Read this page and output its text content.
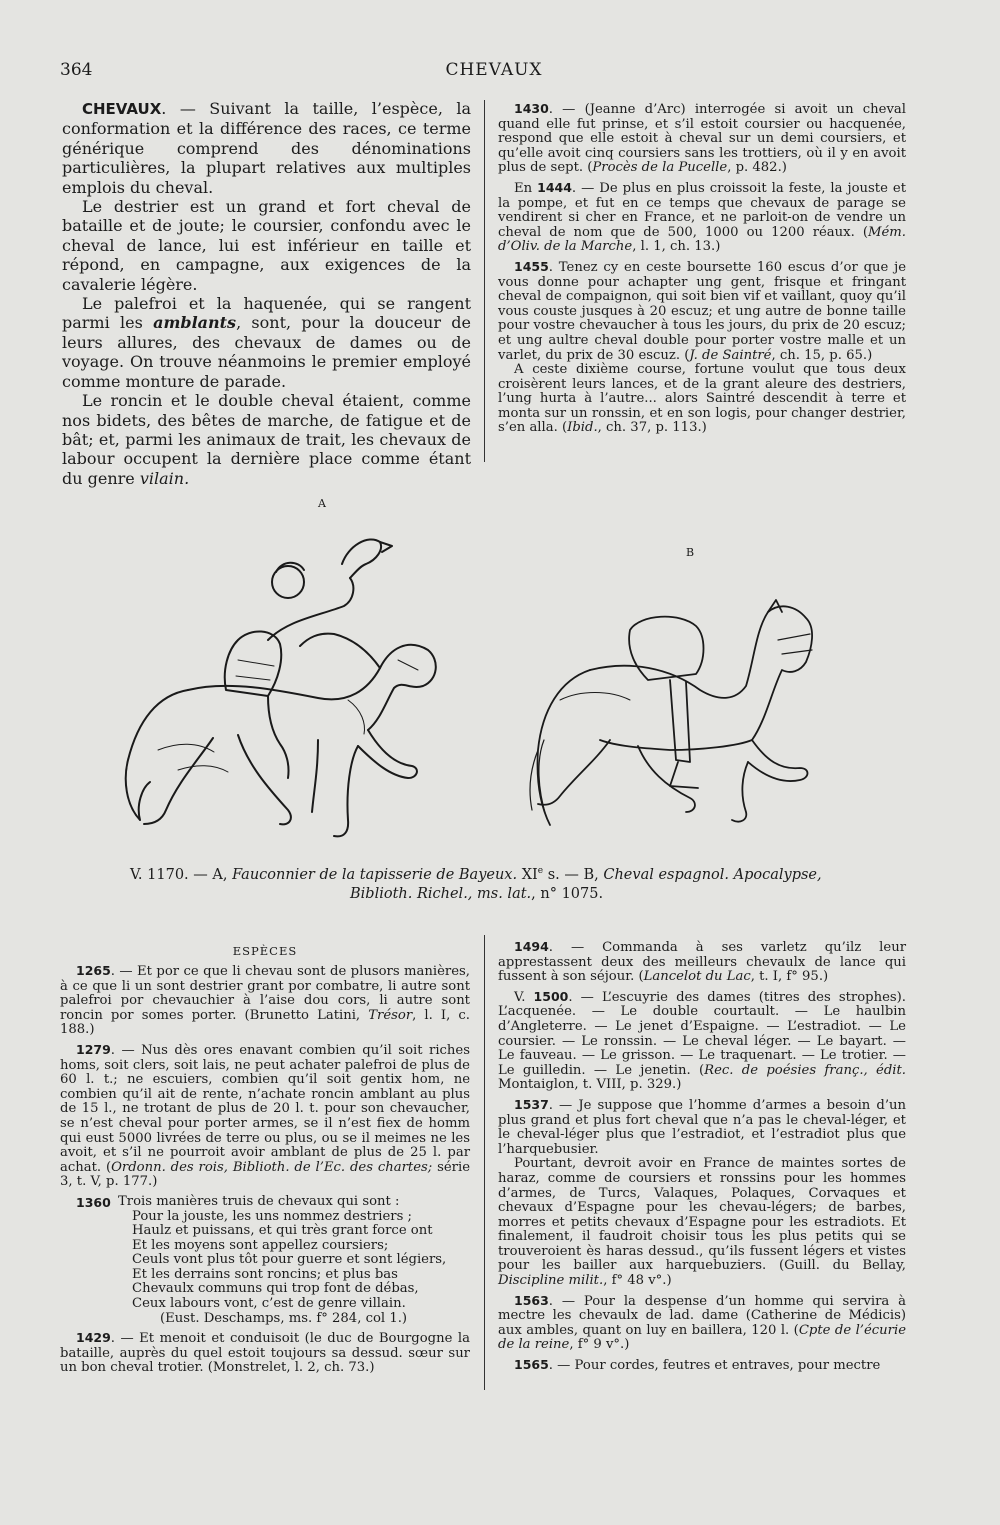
364	CHEVAUX

CHEVAUX. — Suivant la taille, l’espèce, la conformation et la différence des races, ce terme générique comprend des dénominations particulières, la plupart relatives aux multiples emplois du cheval.

Le destrier est un grand et fort cheval de bataille et de joute; le coursier, confondu avec le cheval de lance, lui est inférieur en taille et répond, en campagne, aux exigences de la cavalerie légère.

Le palefroi et la haquenée, qui se rangent parmi les amblants, sont, pour la douceur de leurs allures, des chevaux de dames ou de voyage. On trouve néanmoins le premier employé comme monture de parade.

Le roncin et le double cheval étaient, comme nos bidets, des bêtes de marche, de fatigue et de bât; et, parmi les animaux de trait, les chevaux de labour occupent la dernière place comme étant du genre vilain.

1430. — (Jeanne d’Arc) interrogée si avoit un cheval quand elle fut prinse, et s’il estoit coursier ou hacquenée, respond que elle estoit à cheval sur un demi coursiers, et qu’elle avoit cinq coursiers sans les trottiers, où il y en avoit plus de sept. (Procès de la Pucelle, p. 482.)

En 1444. — De plus en plus croissoit la feste, la jouste et la pompe, et fut en ce temps que chevaux de parage se vendirent si cher en France, et ne parloit-on de vendre un cheval de nom que de 500, 1000 ou 1200 réaux. (Mém. d’Oliv. de la Marche, l. 1, ch. 13.)

1455. Tenez cy en ceste boursette 160 escus d’or que je vous donne pour achapter ung gent, frisque et fringant cheval de compaignon, qui soit bien vif et vaillant, quoy qu’il vous couste jusques à 20 escuz; et ung autre de bonne taille pour vostre chevaucher à tous les jours, du prix de 20 escuz; et ung aultre cheval double pour porter vostre malle et un varlet, du prix de 30 escuz. (J. de Saintré, ch. 15, p. 65.)

A ceste dixième course, fortune voulut que tous deux croisèrent leurs lances, et de la grant aleure des destriers, l’ung hurta à l’autre... alors Saintré descendit à terre et monta sur un ronssin, et en son logis, pour changer destrier, s’en alla. (Ibid., ch. 37, p. 113.)

A
B
V. 1170. — A, Fauconnier de la tapisserie de Bayeux. XIe s. — B, Cheval espagnol. Apocalypse,
Biblioth. Richel., ms. lat., n° 1075.
ESPÈCES

1265. — Et por ce que li chevau sont de plusors manières, à ce que li un sont destrier grant por combatre, li autre sont palefroi por chevauchier à l’aise dou cors, li autre sont roncin por somes porter. (Brunetto Latini, Trésor, l. I, c. 188.)

1279. — Nus dès ores enavant combien qu’il soit riches homs, soit clers, soit lais, ne peut achater palefroi de plus de 60 l. t.; ne escuiers, combien qu’il soit gentix hom, ne combien qu’il ait de rente, n’achate roncin amblant au plus de 15 l., ne trotant de plus de 20 l. t. pour son chevaucher, se n’est cheval pour porter armes, se il n’est fiex de homm qui eust 5000 livrées de terre ou plus, ou se il meimes ne les avoit, et s’il ne pourroit avoir amblant de plus de 25 l. par achat. (Ordonn. des rois, Biblioth. de l’Ec. des chartes; série 3, t. V, p. 177.)

1360 Trois manières truis de chevaux qui sont :
Pour la jouste, les uns nommez destriers ;
Haulz et puissans, et qui très grant force ont
Et les moyens sont appellez coursiers;
Ceuls vont plus tôt pour guerre et sont légiers,
Et les derrains sont roncins; et plus bas
Chevaulx communs qui trop font de débas,
Ceux labours vont, c’est de genre villain.
(Eust. Deschamps, ms. f° 284, col 1.)

1429. — Et menoit et conduisoit (le duc de Bourgogne la bataille, auprès du quel estoit toujours sa dessud. sœur sur un bon cheval trotier. (Monstrelet, l. 2, ch. 73.)

1494. — Commanda à ses varletz qu’ilz leur apprestassent deux des meilleurs chevaulx de lance qui fussent à son séjour. (Lancelot du Lac, t. I, f° 95.)

V. 1500. — L’escuyrie des dames (titres des strophes). L’acquenée. — Le double courtault. — Le haulbin d’Angleterre. — Le jenet d’Espaigne. — L’estradiot. — Le coursier. — Le ronssin. — Le cheval léger. — Le bayart. — Le fauveau. — Le grisson. — Le traquenart. — Le trotier. — Le guilledin. — Le jenetin. (Rec. de poésies franç., édit. Montaiglon, t. VIII, p. 329.)

1537. — Je suppose que l’homme d’armes a besoin d’un plus grand et plus fort cheval que n’a pas le cheval-léger, et le cheval-léger plus que l’estradiot, et l’estradiot plus que l’harquebusier.

Pourtant, devroit avoir en France de maintes sortes de haraz, comme de coursiers et ronssins pour les hommes d’armes, de Turcs, Valaques, Polaques, Corvaques et chevaux d’Espagne pour les chevau-légers; de barbes, morres et petits chevaux d’Espagne pour les estradiots. Et finalement, il faudroit choisir tous les plus petits qui se trouveroient ès haras dessud., qu’ils fussent légers et vistes pour les bailler aux harquebuziers. (Guill. du Bellay, Discipline milit., f° 48 v°.)

1563. — Pour la despense d’un homme qui servira à mectre les chevaulx de lad. dame (Catherine de Médicis) aux ambles, quant on luy en baillera, 120 l. (Cpte de l’écurie de la reine, f° 9 v°.)

1565. — Pour cordes, feutres et entraves, pour mectre
